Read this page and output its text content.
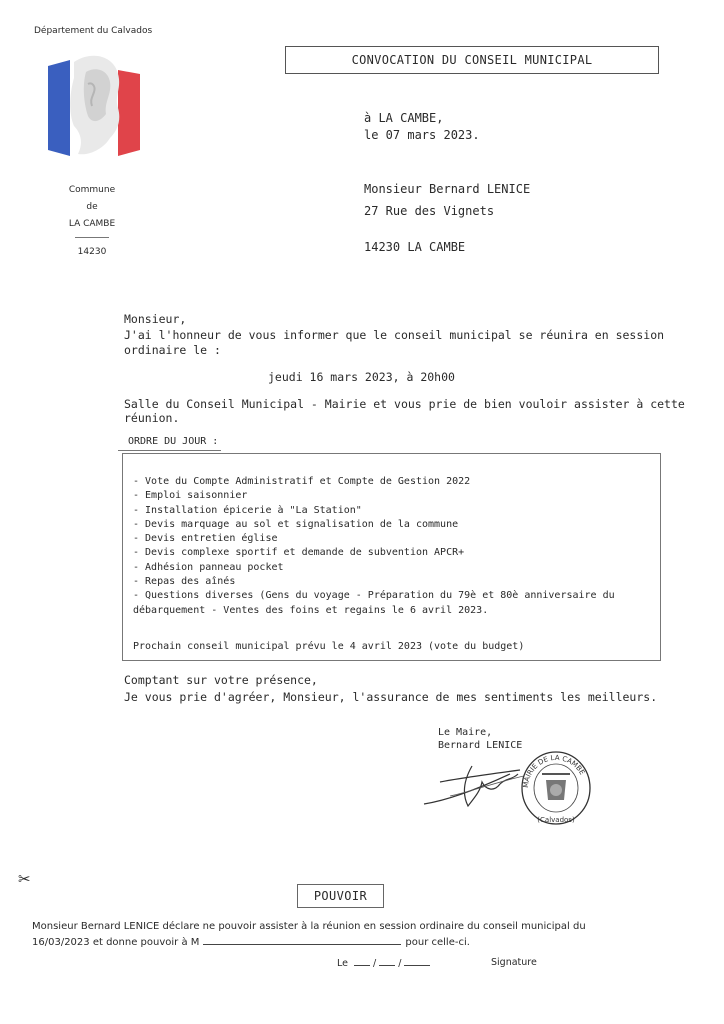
Département du Calvados
Commune
de
LA CAMBE
14230
CONVOCATION DU CONSEIL MUNICIPAL
à LA CAMBE,
le 07 mars 2023.
Monsieur Bernard LENICE
27 Rue des Vignets
14230 LA CAMBE
Monsieur,
J'ai l'honneur de vous informer que le conseil municipal se réunira en session
ordinaire le :
jeudi 16 mars 2023, à 20h00
Salle du Conseil Municipal - Mairie et vous prie de bien vouloir assister à cette
réunion.
ORDRE DU JOUR :
- Vote du Compte Administratif et Compte de Gestion 2022
- Emploi saisonnier
- Installation épicerie à "La Station"
- Devis marquage au sol et signalisation de la commune
- Devis entretien église
- Devis complexe sportif et demande de subvention APCR+
- Adhésion panneau pocket
- Repas des aînés
- Questions diverses (Gens du voyage - Préparation du 79è et 80è anniversaire du
débarquement - Ventes des foins et regains le 6 avril 2023.
Prochain conseil municipal prévu le 4 avril 2023 (vote du budget)
Comptant sur votre présence,
Je vous prie d'agréer, Monsieur, l'assurance de mes sentiments les meilleurs.
Le Maire,
Bernard LENICE
MAIRIE DE LA CAMBE
(Calvados)
✂
POUVOIR
Monsieur Bernard LENICE déclare ne pouvoir assister à la réunion en session ordinaire du conseil municipal du
16/03/2023 et donne pouvoir à M	pour celle-ci.
Le	/ /	Signature
